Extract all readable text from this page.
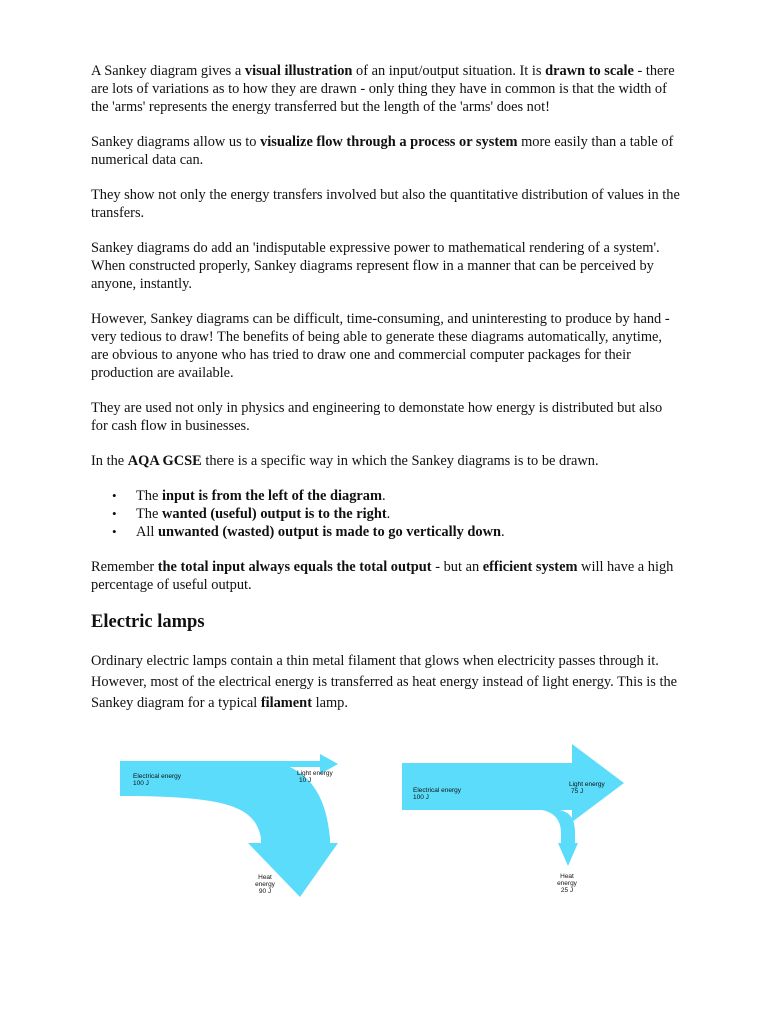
A Sankey diagram gives a visual illustration of an input/output situation. It is drawn to scale - there are lots of variations as to how they are drawn - only thing they have in common is that the width of the 'arms' represents the energy transferred but the length of the 'arms' does not!

Sankey diagrams allow us to visualize flow through a process or system more easily than a table of numerical data can.

They show not only the energy transfers involved but also the quantitative distribution of values in the transfers.

Sankey diagrams do add an 'indisputable expressive power to mathematical rendering of a system'. When constructed properly, Sankey diagrams represent flow in a manner that can be perceived by anyone, instantly.

However, Sankey diagrams can be difficult, time-consuming, and uninteresting to produce by hand - very tedious to draw! The benefits of being able to generate these diagrams automatically, anytime, are obvious to anyone who has tried to draw one and commercial computer packages for their production are available.

They are used not only in physics and engineering to demonstate how energy is distributed but also for cash flow in businesses.

In the AQA GCSE there is a specific way in which the Sankey diagrams is to be drawn.

• The input is from the left of the diagram.
• The wanted (useful) output is to the right.
• All unwanted (wasted) output is made to go vertically down.

Remember the total input always equals the total output - but an efficient system will have a high percentage of useful output.

Electric lamps

Ordinary electric lamps contain a thin metal filament that glows when electricity passes through it. However, most of the electrical energy is transferred as heat energy instead of light energy. This is the Sankey diagram for a typical filament lamp.

Electrical energy
100 J
Light energy
10 J
Heat
energy
90 J
Electrical energy
100 J
Light energy
75 J
Heat
energy
25 J
